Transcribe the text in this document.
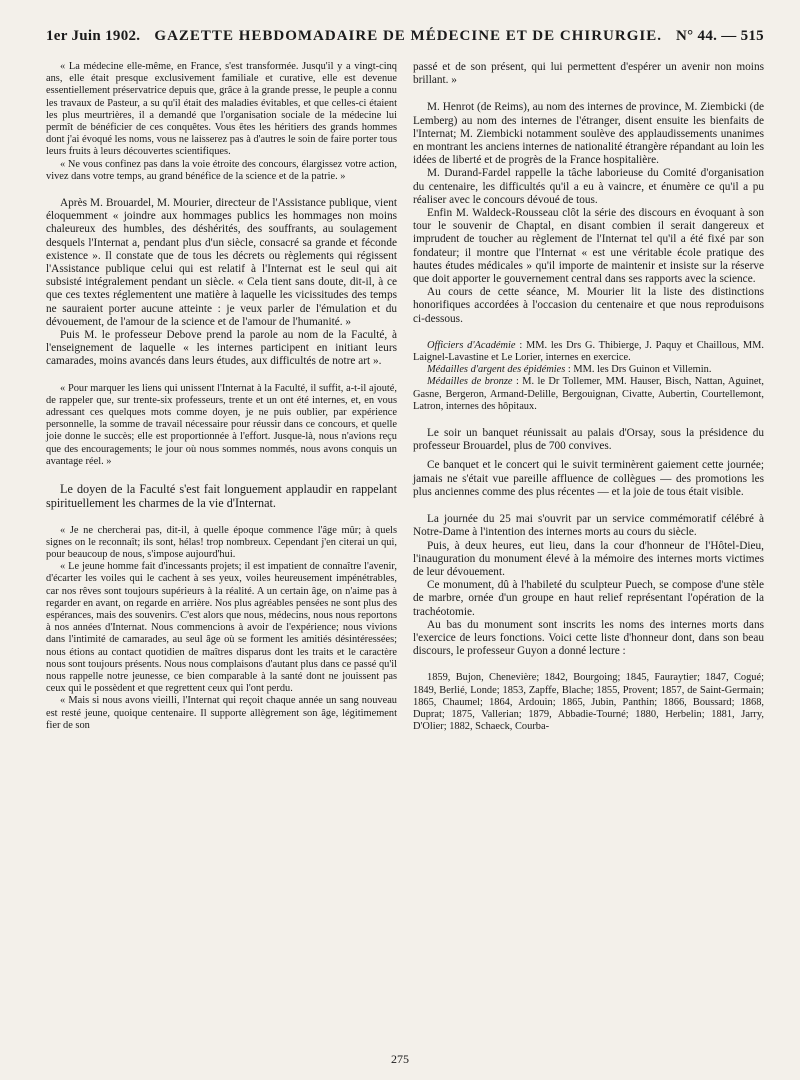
1er Juin 1902. GAZETTE HEBDOMADAIRE DE MÉDECINE ET DE CHIRURGIE. N° 44. — 515

« La médecine elle-même, en France, s'est transformée. Jusqu'il y a vingt-cinq ans, elle était presque exclusivement familiale et curative, elle est devenue essentiellement préservatrice depuis que, grâce à la grande presse, le peuple a connu les travaux de Pasteur, a su qu'il était des maladies évitables, et que celles-ci étaient les plus meurtrières, il a demandé que l'organisation sociale de la médecine lui permît de bénéficier de ces conquêtes. Vous êtes les héritiers des grands hommes dont j'ai évoqué les noms, vous ne laisserez pas à d'autres le soin de faire porter tous leurs fruits à leurs découvertes scientifiques.

« Ne vous confinez pas dans la voie étroite des concours, élargissez votre action, vivez dans votre temps, au grand bénéfice de la science et de la patrie. »

Après M. Brouardel, M. Mourier, directeur de l'Assistance publique, vient éloquemment « joindre aux hommages publics les hommages non moins chaleureux des humbles, des déshérités, des souffrants, au soulagement desquels l'Internat a, pendant plus d'un siècle, consacré sa grande et féconde existence ». Il constate que de tous les décrets ou règlements qui régissent l'Assistance publique celui qui est relatif à l'Internat est le seul qui ait subsisté intégralement pendant un siècle. « Cela tient sans doute, dit-il, à ce que ces textes réglementent une matière à laquelle les vicissitudes des temps ne sauraient porter aucune atteinte : je veux parler de l'émulation et du dévouement, de l'amour de la science et de l'amour de l'humanité. »

Puis M. le professeur Debove prend la parole au nom de la Faculté, à l'enseignement de laquelle « les internes participent en initiant leurs camarades, moins avancés dans leurs études, aux difficultés de notre art ».

« Pour marquer les liens qui unissent l'Internat à la Faculté, il suffit, a-t-il ajouté, de rappeler que, sur trente-six professeurs, trente et un ont été internes, et, en vous adressant ces quelques mots comme doyen, je ne puis oublier, par expérience personnelle, la somme de travail nécessaire pour réussir dans ce concours, et quelle joie donne le succès; elle est proportionnée à l'effort. Jusque-là, nous n'avions reçu que des encouragements; le jour où nous sommes nommés, nous avons conquis un avantage réel. »

Le doyen de la Faculté s'est fait longuement applaudir en rappelant spirituellement les charmes de la vie d'Internat.

« Je ne chercherai pas, dit-il, à quelle époque commence l'âge mûr; à quels signes on le reconnaît; ils sont, hélas! trop nombreux. Cependant j'en citerai un qui, pour beaucoup de nous, s'impose aujourd'hui.

« Le jeune homme fait d'incessants projets; il est impatient de connaître l'avenir, d'écarter les voiles qui le cachent à ses yeux, voiles heureusement impénétrables, car nos rêves sont toujours supérieurs à la réalité. A un certain âge, on n'aime pas à regarder en avant, on regarde en arrière. Nos plus agréables pensées ne sont plus des espérances, mais des souvenirs. C'est alors que nous, médecins, nous nous reportons à nos années d'Internat. Nous commencions à avoir de l'expérience; nous vivions dans l'intimité de camarades, au seul âge où se forment les amitiés désintéressées; nous étions au contact quotidien de maîtres disparus dont les traits et le caractère nous sont toujours présents. Nous nous complaisons d'autant plus dans ce passé qu'il nous rappelle notre jeunesse, ce bien comparable à la santé dont ne jouissent pas ceux qui le possèdent et que regrettent ceux qui l'ont perdu.

« Mais si nous avons vieilli, l'Internat qui reçoit chaque année un sang nouveau est resté jeune, quoique centenaire. Il supporte allègrement son âge, légitimement fier de son

passé et de son présent, qui lui permettent d'espérer un avenir non moins brillant. »

M. Henrot (de Reims), au nom des internes de province, M. Ziembicki (de Lemberg) au nom des internes de l'étranger, disent ensuite les bienfaits de l'Internat; M. Ziembicki notamment soulève des applaudissements unanimes en montrant les anciens internes de nationalité étrangère répandant au loin les idées de liberté et de progrès de la France hospitalière.

M. Durand-Fardel rappelle la tâche laborieuse du Comité d'organisation du centenaire, les difficultés qu'il a eu à vaincre, et énumère ce qu'il a pu réaliser avec le concours dévoué de tous.

Enfin M. Waldeck-Rousseau clôt la série des discours en évoquant à son tour le souvenir de Chaptal, en disant combien il serait dangereux et imprudent de toucher au règlement de l'Internat tel qu'il a été fixé par son fondateur; il montre que l'Internat « est une véritable école pratique des hautes études médicales » qu'il importe de maintenir et insiste sur la réserve que doit apporter le gouvernement central dans ses rapports avec la science.

Au cours de cette séance, M. Mourier lit la liste des distinctions honorifiques accordées à l'occasion du centenaire et que nous reproduisons ci-dessous.

Officiers d'Académie : MM. les Drs G. Thibierge, J. Paquy et Chaillous, MM. Laignel-Lavastine et Le Lorier, internes en exercice.

Médailles d'argent des épidémies : MM. les Drs Guinon et Villemin.

Médailles de bronze : M. le Dr Tollemer, MM. Hauser, Bisch, Nattan, Aguinet, Gasne, Bergeron, Armand-Delille, Bergouignan, Civatte, Aubertin, Courtellemont, Latron, internes des hôpitaux.

Le soir un banquet réunissait au palais d'Orsay, sous la présidence du professeur Brouardel, plus de 700 convives.

Ce banquet et le concert qui le suivit terminèrent gaiement cette journée; jamais ne s'était vue pareille affluence de collègues — des promotions les plus anciennes comme des plus récentes — et la joie de tous était visible.

La journée du 25 mai s'ouvrit par un service commémoratif célébré à Notre-Dame à l'intention des internes morts au cours du siècle.

Puis, à deux heures, eut lieu, dans la cour d'honneur de l'Hôtel-Dieu, l'inauguration du monument élevé à la mémoire des internes morts victimes de leur dévouement.

Ce monument, dû à l'habileté du sculpteur Puech, se compose d'une stèle de marbre, ornée d'un groupe en haut relief représentant l'opération de la trachéotomie.

Au bas du monument sont inscrits les noms des internes morts dans l'exercice de leurs fonctions. Voici cette liste d'honneur dont, dans son beau discours, le professeur Guyon a donné lecture :

1859, Bujon, Chenevière; 1842, Bourgoing; 1845, Fauraytier; 1847, Cogué; 1849, Berlié, Londe; 1853, Zapffe, Blache; 1855, Provent; 1857, de Saint-Germain; 1865, Chaumel; 1864, Ardouin; 1865, Jubin, Panthin; 1866, Boussard; 1868, Duprat; 1875, Vallerian; 1879, Abbadie-Tourné; 1880, Herbelin; 1881, Jarry, D'Olier; 1882, Schaeck, Courba-

275
